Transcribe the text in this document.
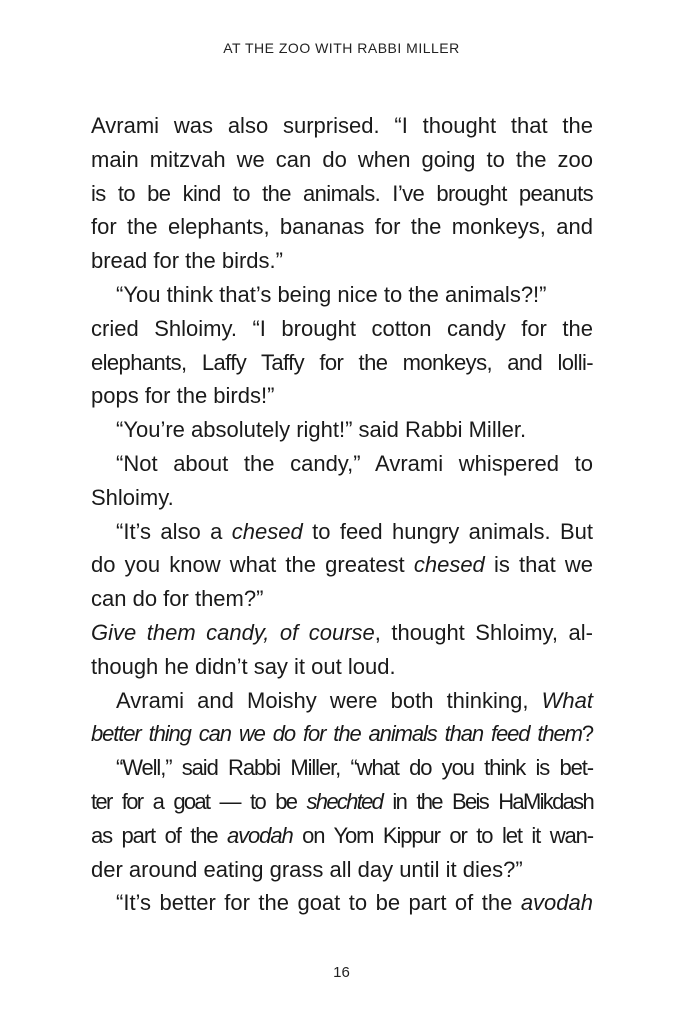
AT THE ZOO WITH RABBI MILLER
Avrami was also surprised. “I thought that the
main mitzvah we can do when going to the zoo
is to be kind to the animals. I’ve brought peanuts
for the elephants, bananas for the monkeys, and
bread for the birds.”
“You think that’s being nice to the animals?!”
cried Shloimy. “I brought cotton candy for the
elephants, Laffy Taffy for the monkeys, and lolli-
pops for the birds!”
“You’re absolutely right!” said Rabbi Miller.
“Not about the candy,” Avrami whispered to
Shloimy.
“It’s also a chesed to feed hungry animals. But
do you know what the greatest chesed is that we
can do for them?”
Give them candy, of course, thought Shloimy, al-
though he didn’t say it out loud.
Avrami and Moishy were both thinking, What
better thing can we do for the animals than feed them?
“Well,” said Rabbi Miller, “what do you think is bet-
ter for a goat — to be shechted in the Beis HaMikdash
as part of the avodah on Yom Kippur or to let it wan-
der around eating grass all day until it dies?”
“It’s better for the goat to be part of the avodah
16
